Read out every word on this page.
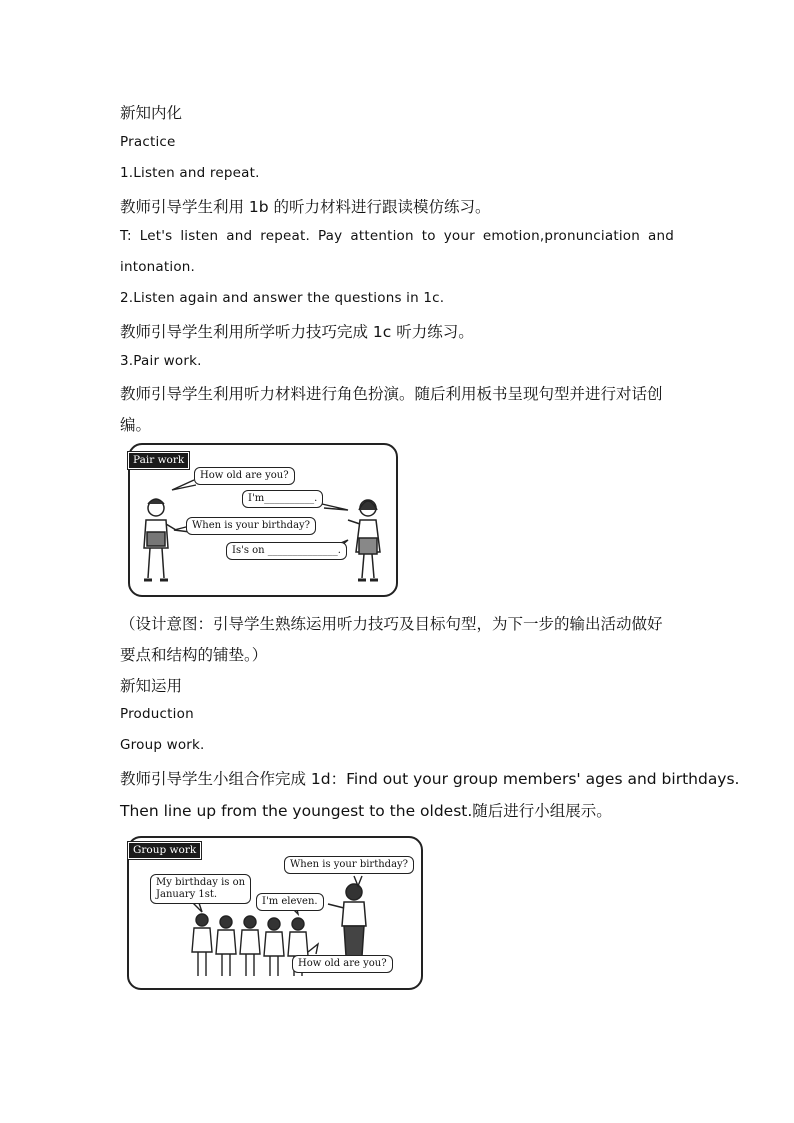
新知内化
Practice
1.Listen and repeat.
教师引导学生利用 1b 的听力材料进行跟读模仿练习。
T: Let's listen and repeat. Pay attention to your emotion,pronunciation and
intonation.
2.Listen again and answer the questions in 1c.
教师引导学生利用所学听力技巧完成 1c 听力练习。
3.Pair work.
教师引导学生利用听力材料进行角色扮演。随后利用板书呈现句型并进行对话创
编。
Pair work
How old are you?
I'm__________.
When is your birthday?
Is's on ______________.
（设计意图：引导学生熟练运用听力技巧及目标句型，为下一步的输出活动做好
要点和结构的铺垫。）
新知运用
Production
Group work.
教师引导学生小组合作完成 1d：Find out your group members' ages and birthdays.
Then line up from the youngest to the oldest.随后进行小组展示。
Group work
When is your birthday?
My birthday is on
January 1st.
I'm eleven.
How old are you?
